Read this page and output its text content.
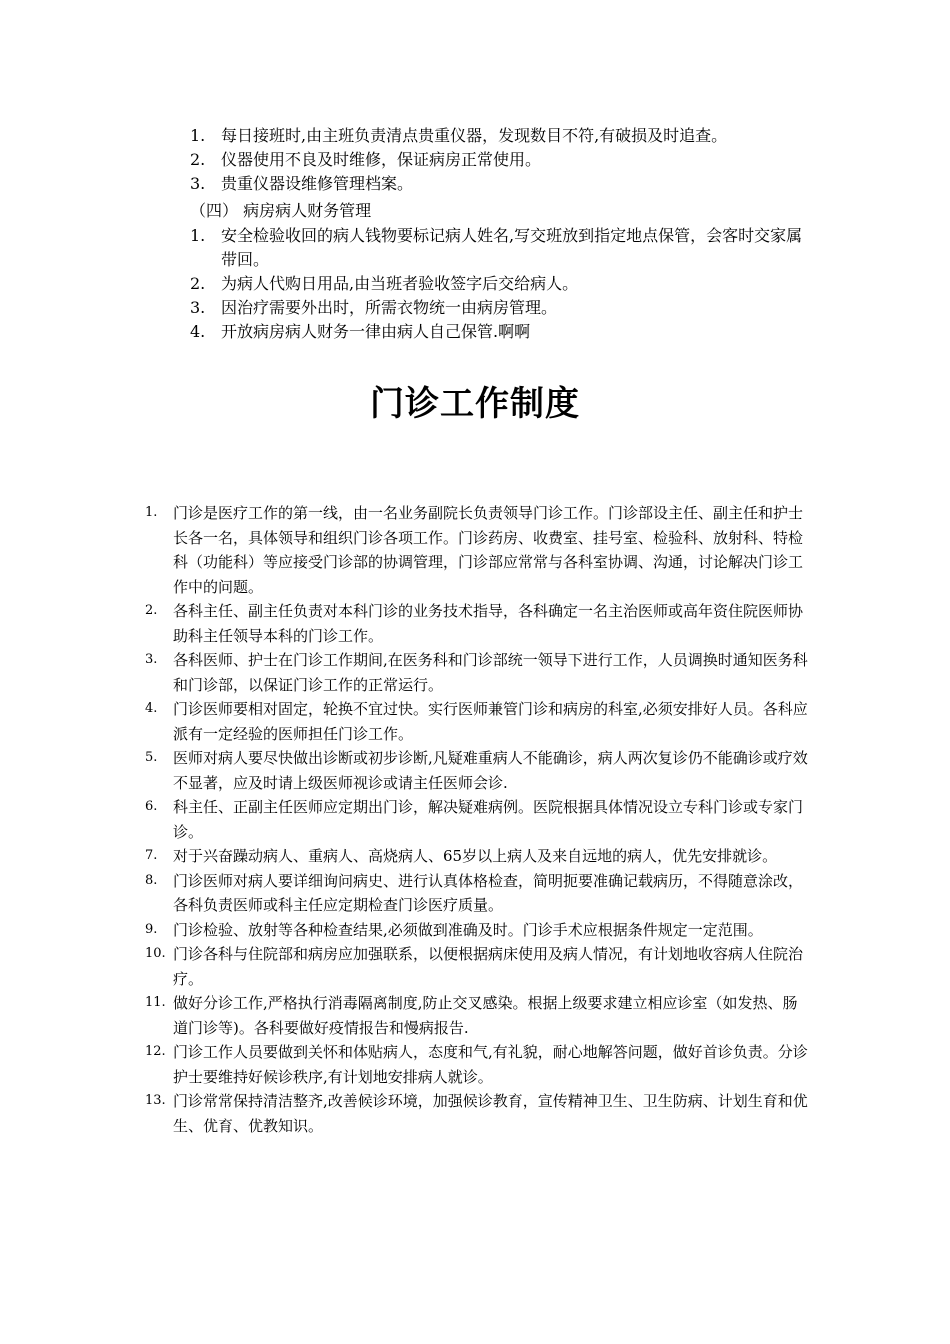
1. 每日接班时,由主班负责清点贵重仪器，发现数目不符,有破损及时追查。
2. 仪器使用不良及时维修，保证病房正常使用。
3. 贵重仪器设维修管理档案。
（四） 病房病人财务管理
1. 安全检验收回的病人钱物要标记病人姓名,写交班放到指定地点保管，会客时交家属带回。
2. 为病人代购日用品,由当班者验收签字后交给病人。
3. 因治疗需要外出时，所需衣物统一由病房管理。
4. 开放病房病人财务一律由病人自己保管.啊啊
门诊工作制度
1. 门诊是医疗工作的第一线，由一名业务副院长负责领导门诊工作。门诊部设主任、副主任和护士长各一名，具体领导和组织门诊各项工作。门诊药房、收费室、挂号室、检验科、放射科、特检科（功能科）等应接受门诊部的协调管理，门诊部应常常与各科室协调、沟通，讨论解决门诊工作中的问题。
2. 各科主任、副主任负责对本科门诊的业务技术指导，各科确定一名主治医师或高年资住院医师协助科主任领导本科的门诊工作。
3. 各科医师、护士在门诊工作期间,在医务科和门诊部统一领导下进行工作，人员调换时通知医务科和门诊部，以保证门诊工作的正常运行。
4. 门诊医师要相对固定，轮换不宜过快。实行医师兼管门诊和病房的科室,必须安排好人员。各科应派有一定经验的医师担任门诊工作。
5. 医师对病人要尽快做出诊断或初步诊断,凡疑难重病人不能确诊，病人两次复诊仍不能确诊或疗效不显著，应及时请上级医师视诊或请主任医师会诊.
6. 科主任、正副主任医师应定期出门诊，解决疑难病例。医院根据具体情况设立专科门诊或专家门诊。
7. 对于兴奋躁动病人、重病人、高烧病人、65岁以上病人及来自远地的病人，优先安排就诊。
8. 门诊医师对病人要详细询问病史、进行认真体格检查，简明扼要准确记载病历，不得随意涂改，各科负责医师或科主任应定期检查门诊医疗质量。
9. 门诊检验、放射等各种检查结果,必须做到准确及时。门诊手术应根据条件规定一定范围。
10. 门诊各科与住院部和病房应加强联系，以便根据病床使用及病人情况，有计划地收容病人住院治疗。
11. 做好分诊工作,严格执行消毒隔离制度,防止交叉感染。根据上级要求建立相应诊室（如发热、肠道门诊等)。各科要做好疫情报告和慢病报告.
12. 门诊工作人员要做到关怀和体贴病人，态度和气,有礼貌，耐心地解答问题，做好首诊负责。分诊护士要维持好候诊秩序,有计划地安排病人就诊。
13. 门诊常常保持清洁整齐,改善候诊环境，加强候诊教育，宣传精神卫生、卫生防病、计划生育和优生、优育、优教知识。
